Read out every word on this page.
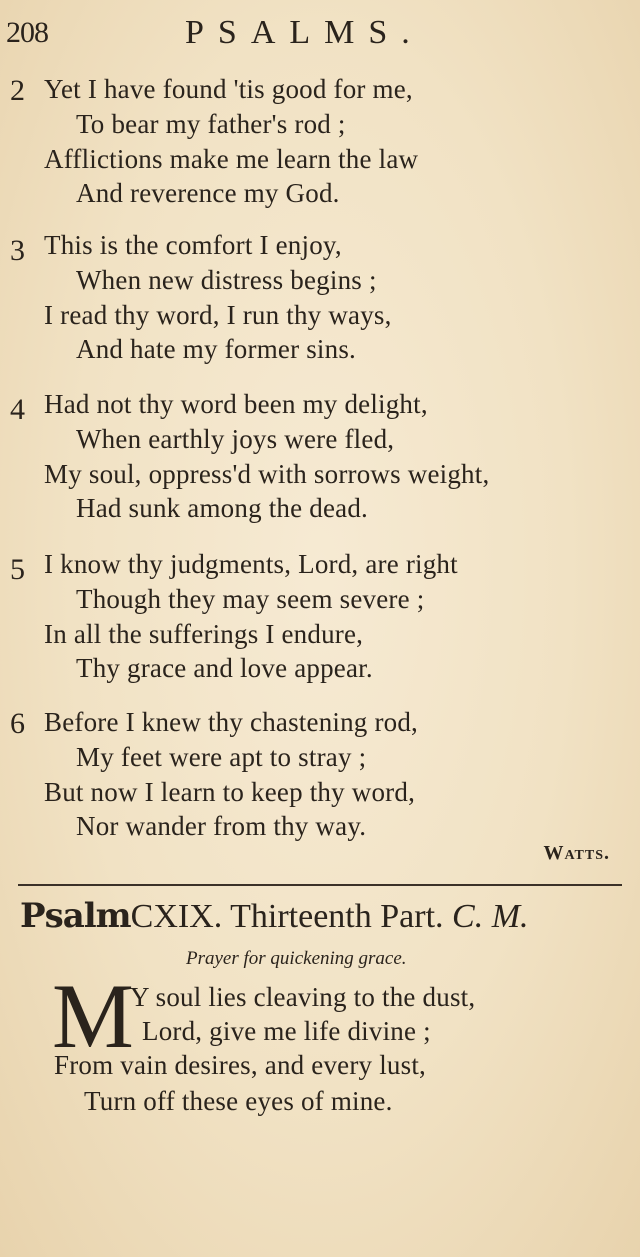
208	PSALMS.
2 Yet I have found 'tis good for me,
To bear my father's rod ;
Afflictions make me learn the law
And reverence my God.
3 This is the comfort I enjoy,
When new distress begins ;
I read thy word, I run thy ways,
And hate my former sins.
4 Had not thy word been my delight,
When earthly joys were fled,
My soul, oppress'd with sorrows weight,
Had sunk among the dead.
5 I know thy judgments, Lord, are right
Though they may seem severe ;
In all the sufferings I endure,
Thy grace and love appear.
6 Before I knew thy chastening rod,
My feet were apt to stray ;
But now I learn to keep thy word,
Nor wander from thy way.
Watts.
PsalmCXIX. Thirteenth Part. C. M.
Prayer for quickening grace.
M
Y soul lies cleaving to the dust,
Lord, give me life divine ;
From vain desires, and every lust,
Turn off these eyes of mine.
